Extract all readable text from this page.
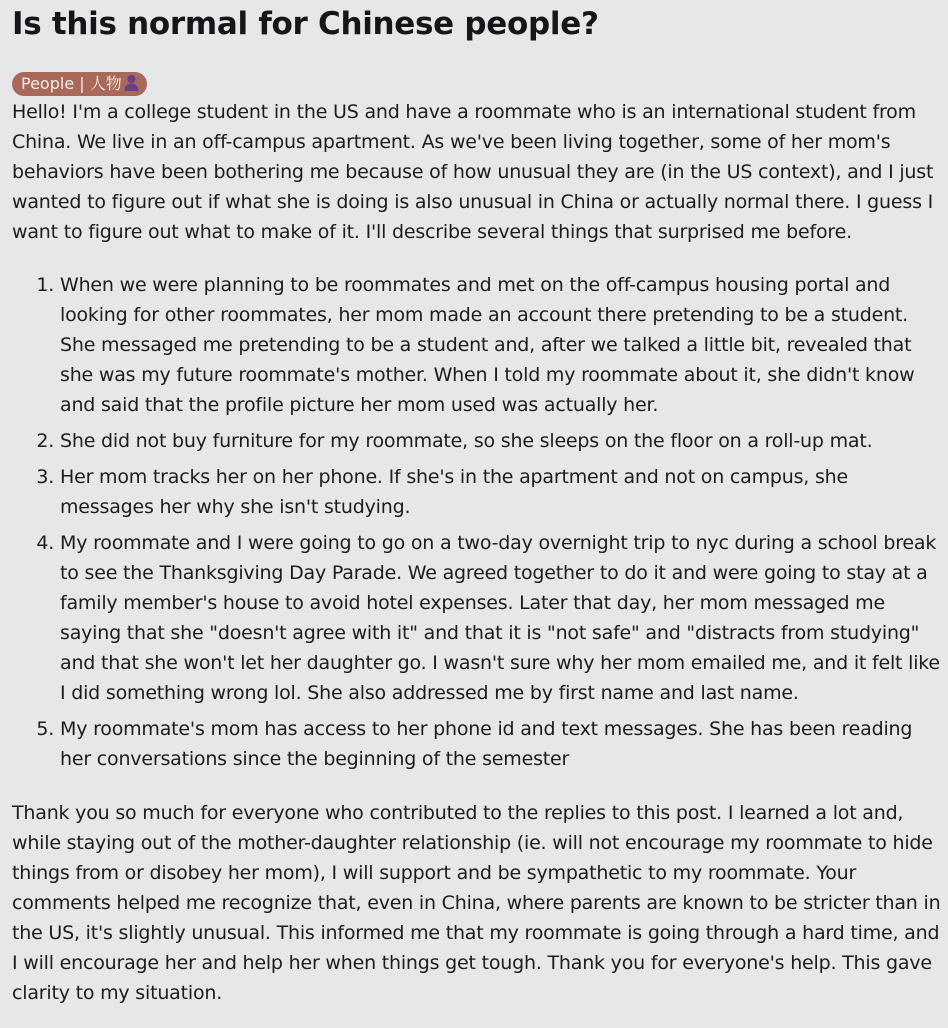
Is this normal for Chinese people?
People | 人物

Hello! I'm a college student in the US and have a roommate who is an international student from China. We live in an off-campus apartment. As we've been living together, some of her mom's behaviors have been bothering me because of how unusual they are (in the US context), and I just wanted to figure out if what she is doing is also unusual in China or actually normal there. I guess I want to figure out what to make of it. I'll describe several things that surprised me before.

1. When we were planning to be roommates and met on the off-campus housing portal and looking for other roommates, her mom made an account there pretending to be a student. She messaged me pretending to be a student and, after we talked a little bit, revealed that she was my future roommate's mother. When I told my roommate about it, she didn't know and said that the profile picture her mom used was actually her.
2. She did not buy furniture for my roommate, so she sleeps on the floor on a roll-up mat.
3. Her mom tracks her on her phone. If she's in the apartment and not on campus, she messages her why she isn't studying.
4. My roommate and I were going to go on a two-day overnight trip to nyc during a school break to see the Thanksgiving Day Parade. We agreed together to do it and were going to stay at a family member's house to avoid hotel expenses. Later that day, her mom messaged me saying that she "doesn't agree with it" and that it is "not safe" and "distracts from studying" and that she won't let her daughter go. I wasn't sure why her mom emailed me, and it felt like I did something wrong lol. She also addressed me by first name and last name.
5. My roommate's mom has access to her phone id and text messages. She has been reading her conversations since the beginning of the semester

Thank you so much for everyone who contributed to the replies to this post. I learned a lot and, while staying out of the mother-daughter relationship (ie. will not encourage my roommate to hide things from or disobey her mom), I will support and be sympathetic to my roommate. Your comments helped me recognize that, even in China, where parents are known to be stricter than in the US, it's slightly unusual. This informed me that my roommate is going through a hard time, and I will encourage her and help her when things get tough. Thank you for everyone's help. This gave clarity to my situation.
